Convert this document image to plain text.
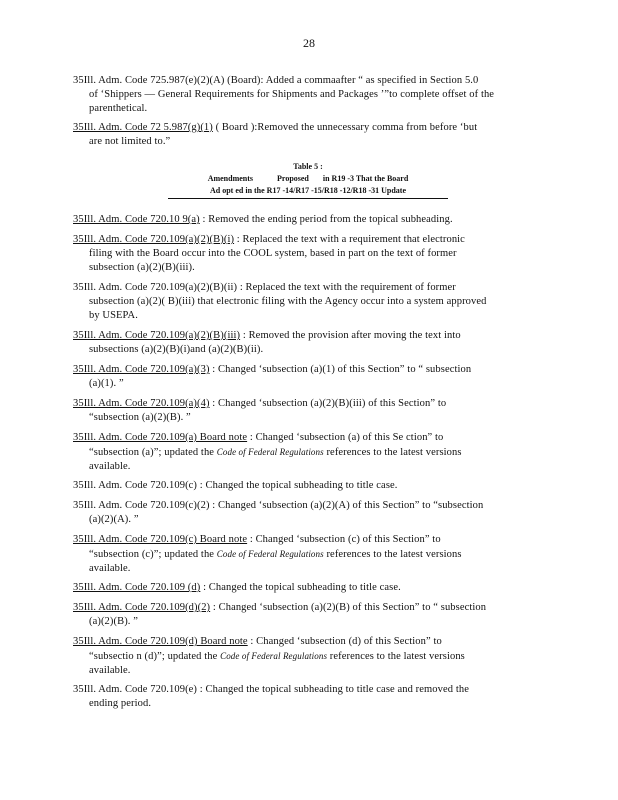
28
35Ill. Adm. Code 725.987(e)(2)(A) (Board): Added a commaafter “ as specified in Section 5.0
of ‘Shippers — General Requirements for Shipments and Packages ’”to complete offset of the
parenthetical.
35Ill. Adm. Code 72 5.987(g)(1) ( Board ):Removed the unnecessary comma from before ‘but
are not limited to.”
Table 5 :
Amendments            Proposed       in R19 -3 That the Board
Ad opt ed in the R17 -14/R17 -15/R18 -12/R18 -31 Update
35Ill. Adm. Code 720.10 9(a) : Removed the ending period from the topical subheading.
35Ill. Adm. Code 720.109(a)(2)(B)(i) : Replaced the text with a requirement that electronic
filing with the Board occur into the COOL system, based in part on the text of former
subsection (a)(2)(B)(iii).
35Ill. Adm. Code 720.109(a)(2)(B)(ii) : Replaced the text with the requirement of former
subsection (a)(2)( B)(iii) that electronic filing with the Agency occur into a system approved
by USEPA.
35Ill. Adm. Code 720.109(a)(2)(B)(iii) : Removed the provision after moving the text into
subsections (a)(2)(B)(i)and (a)(2)(B)(ii).
35Ill. Adm. Code 720.109(a)(3) : Changed ‘subsection (a)(1) of this Section” to “ subsection
(a)(1). ”
35Ill. Adm. Code 720.109(a)(4) : Changed ‘subsection (a)(2)(B)(iii) of this Section” to
“subsection (a)(2)(B). ”
35Ill. Adm. Code 720.109(a) Board note : Changed ‘subsection (a) of this Se ction” to
“subsection (a)”; updated the Code of Federal Regulations references to the latest versions
available.
35Ill. Adm. Code 720.109(c) : Changed the topical subheading to title case.
35Ill. Adm. Code 720.109(c)(2) : Changed ‘subsection (a)(2)(A) of this Section” to “subsection
(a)(2)(A). ”
35Ill. Adm. Code 720.109(c) Board note : Changed ‘subsection (c) of this Section” to
“subsection (c)”; updated the Code of Federal Regulations references to the latest versions
available.
35Ill. Adm. Code 720.109 (d) : Changed the topical subheading to title case.
35Ill. Adm. Code 720.109(d)(2) : Changed ‘subsection (a)(2)(B) of this Section” to “ subsection
(a)(2)(B). ”
35Ill. Adm. Code 720.109(d) Board note : Changed ‘subsection (d) of this Section” to
“subsectio n (d)”; updated the Code of Federal Regulations references to the latest versions
available.
35Ill. Adm. Code 720.109(e) : Changed the topical subheading to title case and removed the
ending period.
